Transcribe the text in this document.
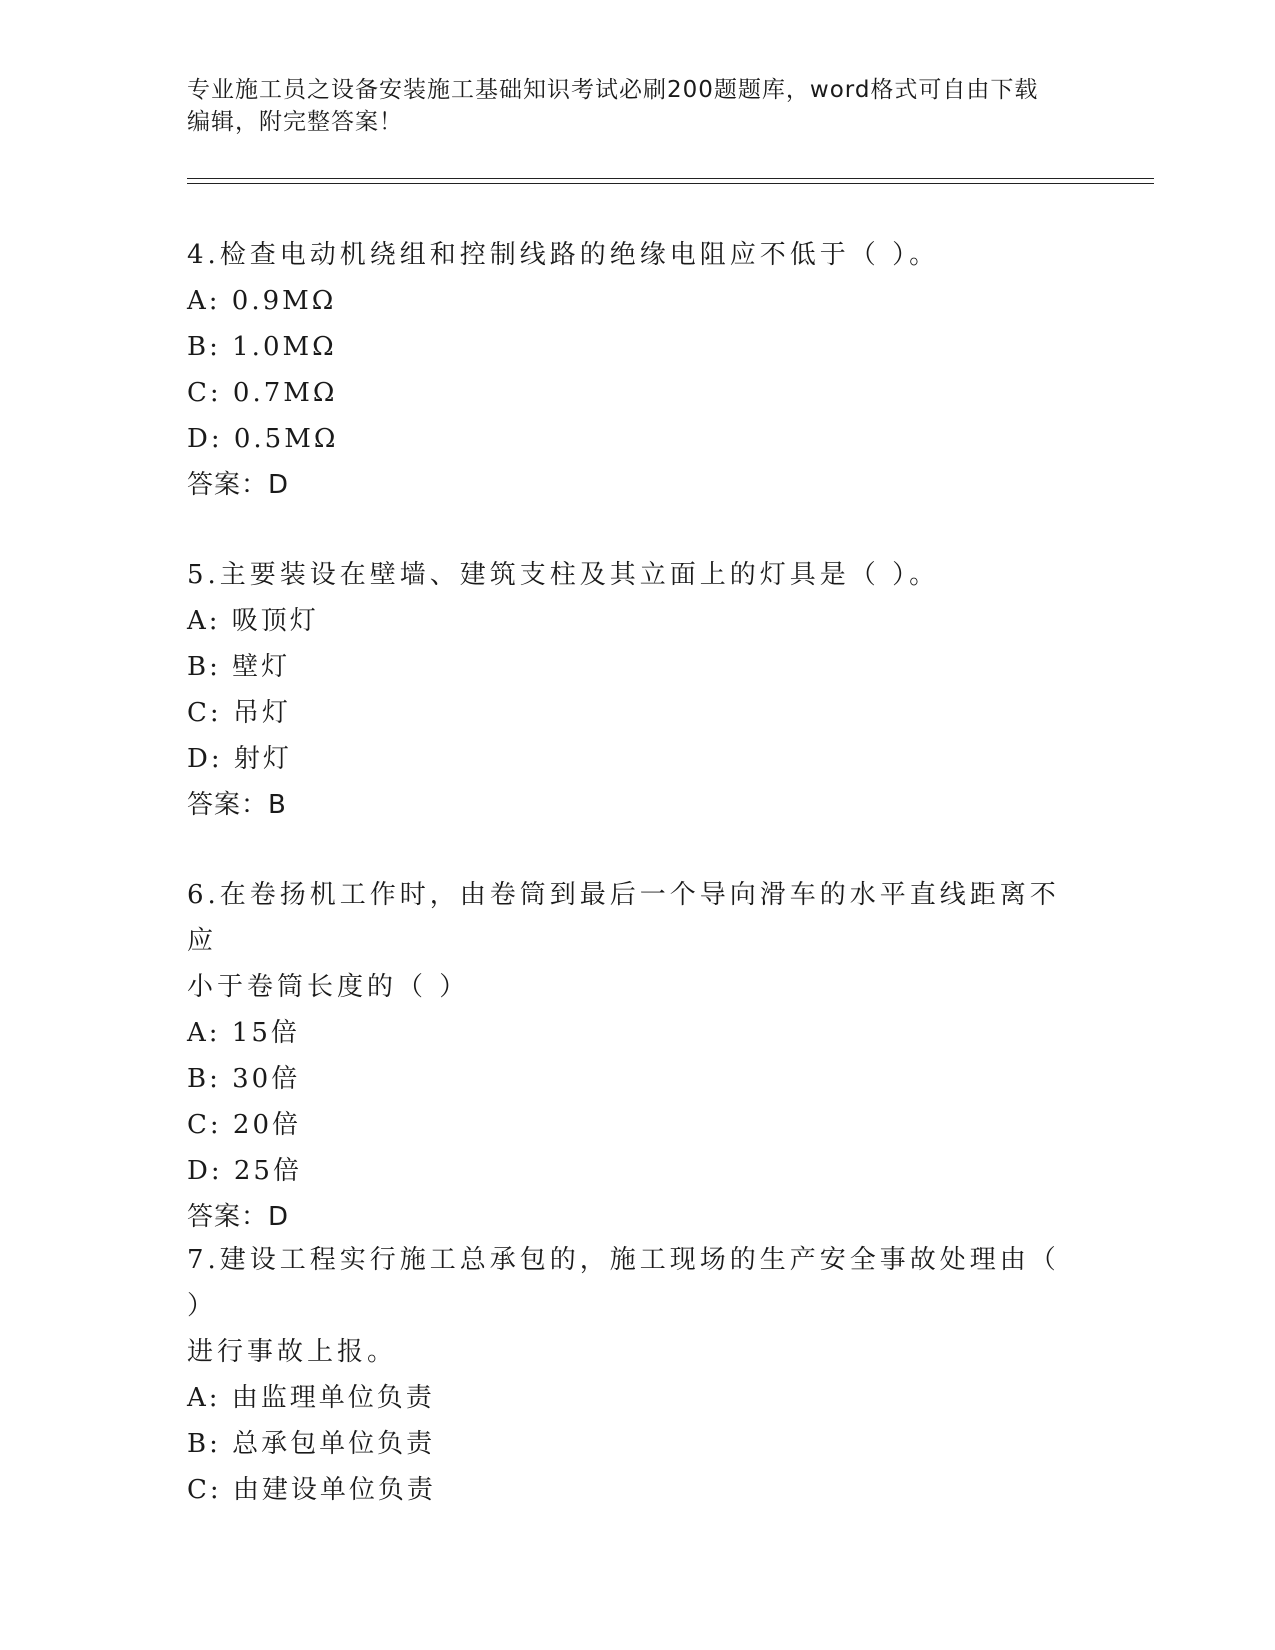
专业施工员之设备安装施工基础知识考试必刷200题题库，word格式可自由下载
编辑，附完整答案！

4.检查电动机绕组和控制线路的绝缘电阻应不低于（ ）。

A: 0.9MΩ

B: 1.0MΩ

C: 0.7MΩ

D: 0.5MΩ

答案：D

5.主要装设在壁墙、建筑支柱及其立面上的灯具是（ ）。

A: 吸顶灯

B: 壁灯

C: 吊灯

D: 射灯

答案：B

6.在卷扬机工作时，由卷筒到最后一个导向滑车的水平直线距离不应

小于卷筒长度的（ ）

A: 15倍

B: 30倍

C: 20倍

D: 25倍

答案：D

7.建设工程实行施工总承包的，施工现场的生产安全事故处理由（ ）

进行事故上报。

A: 由监理单位负责

B: 总承包单位负责

C: 由建设单位负责
